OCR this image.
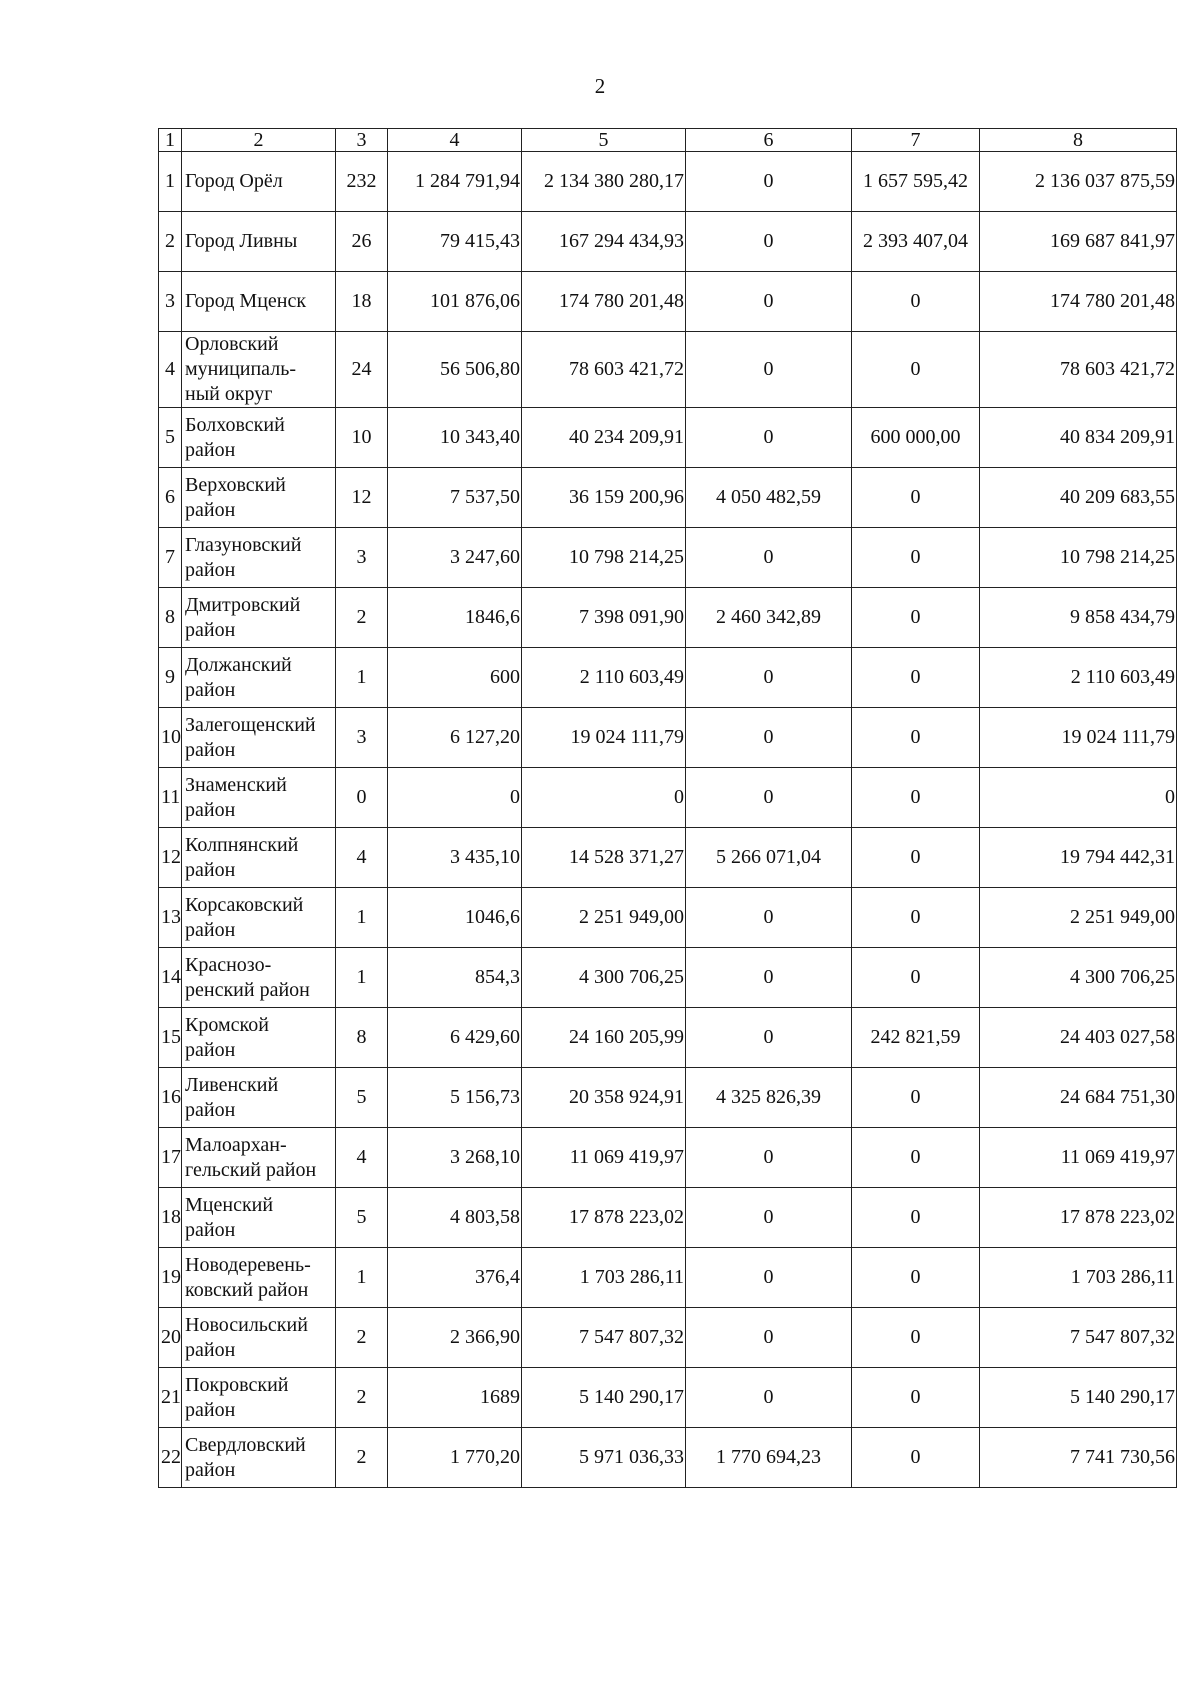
2
1	2	3	4	5	6	7	8
1	Город Орёл	232	1 284 791,94	2 134 380 280,17	0	1 657 595,42	2 136 037 875,59
2	Город Ливны	26	79 415,43	167 294 434,93	0	2 393 407,04	169 687 841,97
3	Город Мценск	18	101 876,06	174 780 201,48	0	0	174 780 201,48
4	Орловский
муниципаль-
ный округ	24	56 506,80	78 603 421,72	0	0	78 603 421,72
5	Болховский
район	10	10 343,40	40 234 209,91	0	600 000,00	40 834 209,91
6	Верховский
район	12	7 537,50	36 159 200,96	4 050 482,59	0	40 209 683,55
7	Глазуновский
район	3	3 247,60	10 798 214,25	0	0	10 798 214,25
8	Дмитровский
район	2	1846,6	7 398 091,90	2 460 342,89	0	9 858 434,79
9	Должанский
район	1	600	2 110 603,49	0	0	2 110 603,49
10	Залегощенский
район	3	6 127,20	19 024 111,79	0	0	19 024 111,79
11	Знаменский
район	0	0	0	0	0	0
12	Колпнянский
район	4	3 435,10	14 528 371,27	5 266 071,04	0	19 794 442,31
13	Корсаковский
район	1	1046,6	2 251 949,00	0	0	2 251 949,00
14	Краснозо-
ренский район	1	854,3	4 300 706,25	0	0	4 300 706,25
15	Кромской
район	8	6 429,60	24 160 205,99	0	242 821,59	24 403 027,58
16	Ливенский
район	5	5 156,73	20 358 924,91	4 325 826,39	0	24 684 751,30
17	Малоархан-
гельский район	4	3 268,10	11 069 419,97	0	0	11 069 419,97
18	Мценский
район	5	4 803,58	17 878 223,02	0	0	17 878 223,02
19	Новодеревень-
ковский район	1	376,4	1 703 286,11	0	0	1 703 286,11
20	Новосильский
район	2	2 366,90	7 547 807,32	0	0	7 547 807,32
21	Покровский
район	2	1689	5 140 290,17	0	0	5 140 290,17
22	Свердловский
район	2	1 770,20	5 971 036,33	1 770 694,23	0	7 741 730,56
